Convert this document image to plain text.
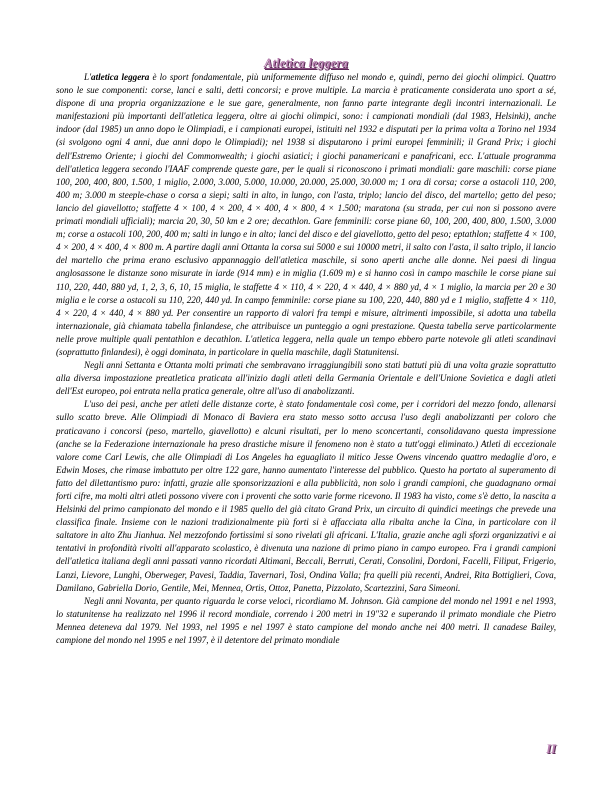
Atletica leggera

L'atletica leggera è lo sport fondamentale, più uniformemente diffuso nel mondo e, quindi, perno dei giochi olimpici. Quattro sono le sue componenti: corse, lanci e salti, detti concorsi; e prove multiple. La marcia è praticamente considerata uno sport a sé, dispone di una propria organizzazione e le sue gare, generalmente, non fanno parte integrante degli incontri internazionali. Le manifestazioni più importanti dell'atletica leggera, oltre ai giochi olimpici, sono: i campionati mondiali (dal 1983, Helsinki), anche indoor (dal 1985) un anno dopo le Olimpiadi, e i campionati europei, istituiti nel 1932 e disputati per la prima volta a Torino nel 1934 (si svolgono ogni 4 anni, due anni dopo le Olimpiadi); nel 1938 si disputarono i primi europei femminili; il Grand Prix; i giochi dell'Estremo Oriente; i giochi del Commonwealth; i giochi asiatici; i giochi panamericani e panafricani, ecc. L'attuale programma dell'atletica leggera secondo l'IAAF comprende queste gare, per le quali si riconoscono i primati mondiali: gare maschili: corse piane 100, 200, 400, 800, 1.500, 1 miglio, 2.000, 3.000, 5.000, 10.000, 20.000, 25.000, 30.000 m; 1 ora di corsa; corse a ostacoli 110, 200, 400 m; 3.000 m steeple-chase o corsa a siepi; salti in alto, in lungo, con l'asta, triplo; lancio del disco, del martello; getto del peso; lancio del giavellotto; staffette 4 × 100, 4 × 200, 4 × 400, 4 × 800, 4 × 1.500; maratona (su strada, per cui non si possono avere primati mondiali ufficiali); marcia 20, 30, 50 km e 2 ore; decathlon. Gare femminili: corse piane 60, 100, 200, 400, 800, 1.500, 3.000 m; corse a ostacoli 100, 200, 400 m; salti in lungo e in alto; lanci del disco e del giavellotto, getto del peso; eptathlon; staffette 4 × 100, 4 × 200, 4 × 400, 4 × 800 m. A partire dagli anni Ottanta la corsa sui 5000 e sui 10000 metri, il salto con l'asta, il salto triplo, il lancio del martello che prima erano esclusivo appannaggio dell'atletica maschile, si sono aperti anche alle donne. Nei paesi di lingua anglosassone le distanze sono misurate in iarde (914 mm) e in miglia (1.609 m) e si hanno così in campo maschile le corse piane sui 110, 220, 440, 880 yd, 1, 2, 3, 6, 10, 15 miglia, le staffette 4 × 110, 4 × 220, 4 × 440, 4 × 880 yd, 4 × 1 miglio, la marcia per 20 e 30 miglia e le corse a ostacoli su 110, 220, 440 yd. In campo femminile: corse piane su 100, 220, 440, 880 yd e 1 miglio, staffette 4 × 110, 4 × 220, 4 × 440, 4 × 880 yd. Per consentire un rapporto di valori fra tempi e misure, altrimenti impossibile, si adotta una tabella internazionale, già chiamata tabella finlandese, che attribuisce un punteggio a ogni prestazione. Questa tabella serve particolarmente nelle prove multiple quali pentathlon e decathlon. L'atletica leggera, nella quale un tempo ebbero parte notevole gli atleti scandinavi (soprattutto finlandesi), è oggi dominata, in particolare in quella maschile, dagli Statunitensi.

Negli anni Settanta e Ottanta molti primati che sembravano irraggiungibili sono stati battuti più di una volta grazie soprattutto alla diversa impostazione preatletica praticata all'inizio dagli atleti della Germania Orientale e dell'Unione Sovietica e dagli atleti dell'Est europeo, poi entrata nella pratica generale, oltre all'uso di anabolizzanti.

L'uso dei pesi, anche per atleti delle distanze corte, è stato fondamentale così come, per i corridori del mezzo fondo, allenarsi sullo scatto breve. Alle Olimpiadi di Monaco di Baviera era stato messo sotto accusa l'uso degli anabolizzanti per coloro che praticavano i concorsi (peso, martello, giavellotto) e alcuni risultati, per lo meno sconcertanti, consolidavano questa impressione (anche se la Federazione internazionale ha preso drastiche misure il fenomeno non è stato a tutt'oggi eliminato.) Atleti di eccezionale valore come Carl Lewis, che alle Olimpiadi di Los Angeles ha eguagliato il mitico Jesse Owens vincendo quattro medaglie d'oro, e Edwin Moses, che rimase imbattuto per oltre 122 gare, hanno aumentato l'interesse del pubblico. Questo ha portato al superamento di fatto del dilettantismo puro: infatti, grazie alle sponsorizzazioni e alla pubblicità, non solo i grandi campioni, che guadagnano ormai forti cifre, ma molti altri atleti possono vivere con i proventi che sotto varie forme ricevono. Il 1983 ha visto, come s'è detto, la nascita a Helsinki del primo campionato del mondo e il 1985 quello del già citato Grand Prix, un circuito di quindici meetings che prevede una classifica finale. Insieme con le nazioni tradizionalmente più forti si è affacciata alla ribalta anche la Cina, in particolare con il saltatore in alto Zhu Jianhua. Nel mezzofondo fortissimi si sono rivelati gli africani. L'Italia, grazie anche agli sforzi organizzativi e ai tentativi in profondità rivolti all'apparato scolastico, è divenuta una nazione di primo piano in campo europeo. Fra i grandi campioni dell'atletica italiana degli anni passati vanno ricordati Altimani, Beccali, Berruti, Cerati, Consolini, Dordoni, Facelli, Filiput, Frigerio, Lanzi, Lievore, Lunghi, Oberweger, Pavesi, Taddia, Tavernari, Tosi, Ondina Valla; fra quelli più recenti, Andrei, Rita Bottiglieri, Cova, Damilano, Gabriella Dorio, Gentile, Mei, Mennea, Ortis, Ottoz, Panetta, Pizzolato, Scartezzini, Sara Simeoni.

Negli anni Novanta, per quanto riguarda le corse veloci, ricordiamo M. Johnson. Già campione del mondo nel 1991 e nel 1993, lo statunitense ha realizzato nel 1996 il record mondiale, correndo i 200 metri in 19"32 e superando il primato mondiale che Pietro Mennea deteneva dal 1979. Nel 1993, nel 1995 e nel 1997 è stato campione del mondo anche nei 400 metri. Il canadese Bailey, campione del mondo nel 1995 e nel 1997, è il detentore del primato mondiale

II
